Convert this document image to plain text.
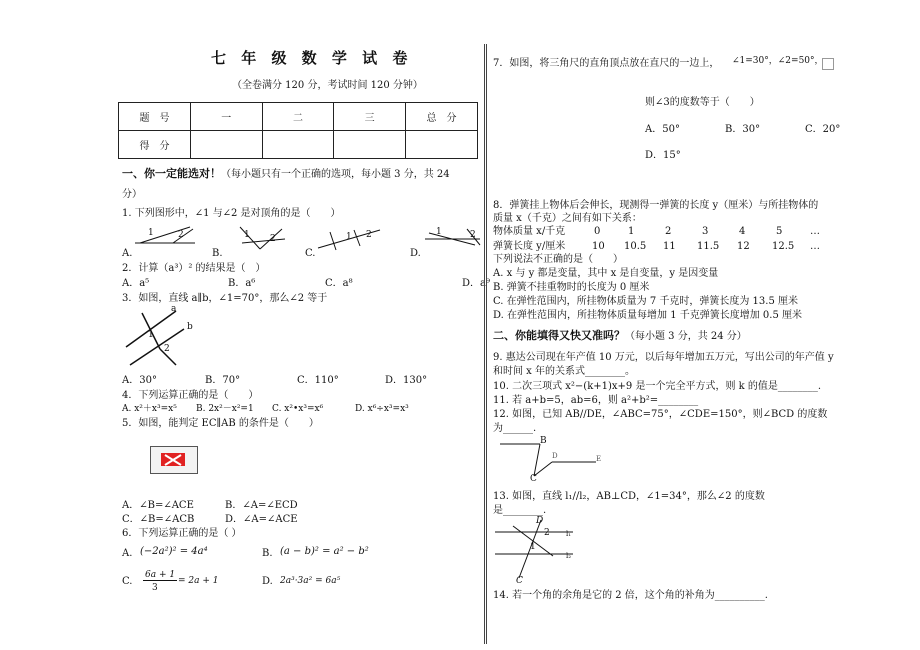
七 年 级 数 学 试 卷
（全卷满分 120 分，考试时间 120 分钟）
题　号	一	二	三	总　分
得　分				
一、你一定能选对！（每小题只有一个正确的选项，每小题 3 分，共 24
分）
1. 下列图形中，∠1 与∠2 是对顶角的是（　　）
A.	B.	C.	D.
1	2	1 2	1 2	1	2
2．计算（a³）² 的结果是（　）
A．a⁵	B．a⁶	C．a⁸	D．a⁹
3．如图，直线 a∥b，∠1=70°，那么∠2 等于
a
b
1
2
A．30°	B．70°	C．110°	D．130°
4．下列运算正确的是（　　）
A. x²＋x³=x⁵ B. 2x²－x²=1 C. x²•x³=x⁶	D. x⁶÷x³=x³
5．如图，能判定 EC∥AB 的条件是（　　）
A．∠B=∠ACE	B．∠A=∠ECD
C．∠B=∠ACB	D．∠A=∠ACE
6．下列运算正确的是（ ）
A. (−2a²)² = 4a⁴	B. (a − b)² = a² − b²
C.
6a + 1
3
= 2a + 1	D. 2a³·3a² = 6a⁵
7．如图，将三角尺的直角顶点放在直尺的一边上， ∠1=30°，∠2=50°，
则∠3的度数等于（　　）
A．50°	B．30°	C．20°
D．15°
8．弹簧挂上物体后会伸长，现测得一弹簧的长度 y（厘米）与所挂物体的
质量 x（千克）之间有如下关系：
物体质量 x/千克	0	1	2	3	4	5	…
弹簧长度 y/厘米	10 10.5 11 11.5 12 12.5 …
下列说法不正确的是（　　）
A. x 与 y 都是变量，其中 x 是自变量，y 是因变量
B. 弹簧不挂重物时的长度为 0 厘米
C. 在弹性范围内，所挂物体质量为 7 千克时，弹簧长度为 13.5 厘米
D. 在弹性范围内，所挂物体质量每增加 1 千克弹簧长度增加 0.5 厘米
二、你能填得又快又准吗？（每小题 3 分，共 24 分）
9. 惠达公司现在年产值 10 万元，以后每年增加五万元，写出公司的年产值 y
和时间 x 年的关系式________。
10. 二次三项式 x²−(k+1)x+9 是一个完全平方式，则 k 的值是________.
11. 若 a+b=5，ab=6，则 a²+b²=________
12. 如图，已知 AB//DE，∠ABC=75°，∠CDE=150°，则∠BCD 的度数
为______.
B
C
D	E
13. 如图，直线 l₁//l₂，AB⊥CD，∠1=34°，那么∠2 的度数
是________.
D
2
1
C
l₁
l₂
14. 若一个角的余角是它的 2 倍，这个角的补角为__________.
